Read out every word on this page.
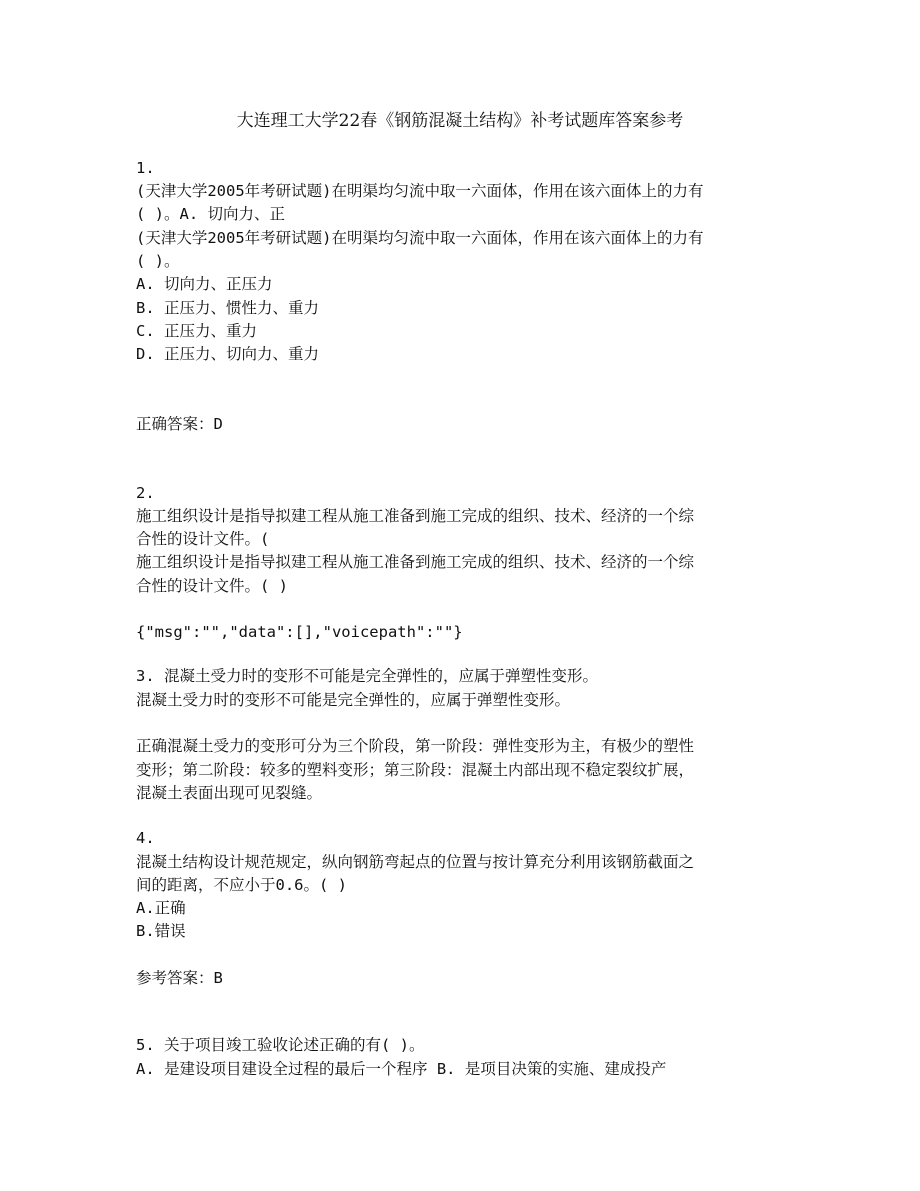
大连理工大学22春《钢筋混凝土结构》补考试题库答案参考
1.
(天津大学2005年考研试题)在明渠均匀流中取一六面体，作用在该六面体上的力有
( )。A. 切向力、正
(天津大学2005年考研试题)在明渠均匀流中取一六面体，作用在该六面体上的力有
( )。
A. 切向力、正压力
B. 正压力、惯性力、重力
C. 正压力、重力
D. 正压力、切向力、重力
正确答案：D
2.
施工组织设计是指导拟建工程从施工准备到施工完成的组织、技术、经济的一个综
合性的设计文件。(
施工组织设计是指导拟建工程从施工准备到施工完成的组织、技术、经济的一个综
合性的设计文件。( )
{"msg":"","data":[],"voicepath":""}
3. 混凝土受力时的变形不可能是完全弹性的，应属于弹塑性变形。
混凝土受力时的变形不可能是完全弹性的，应属于弹塑性变形。
正确混凝土受力的变形可分为三个阶段，第一阶段：弹性变形为主，有极少的塑性
变形；第二阶段：较多的塑料变形；第三阶段：混凝土内部出现不稳定裂纹扩展，
混凝土表面出现可见裂缝。
4.
混凝土结构设计规范规定，纵向钢筋弯起点的位置与按计算充分利用该钢筋截面之
间的距离，不应小于0.6。( )
A.正确
B.错误
参考答案：B
5. 关于项目竣工验收论述正确的有( )。
A. 是建设项目建设全过程的最后一个程序 B. 是项目决策的实施、建成投产
